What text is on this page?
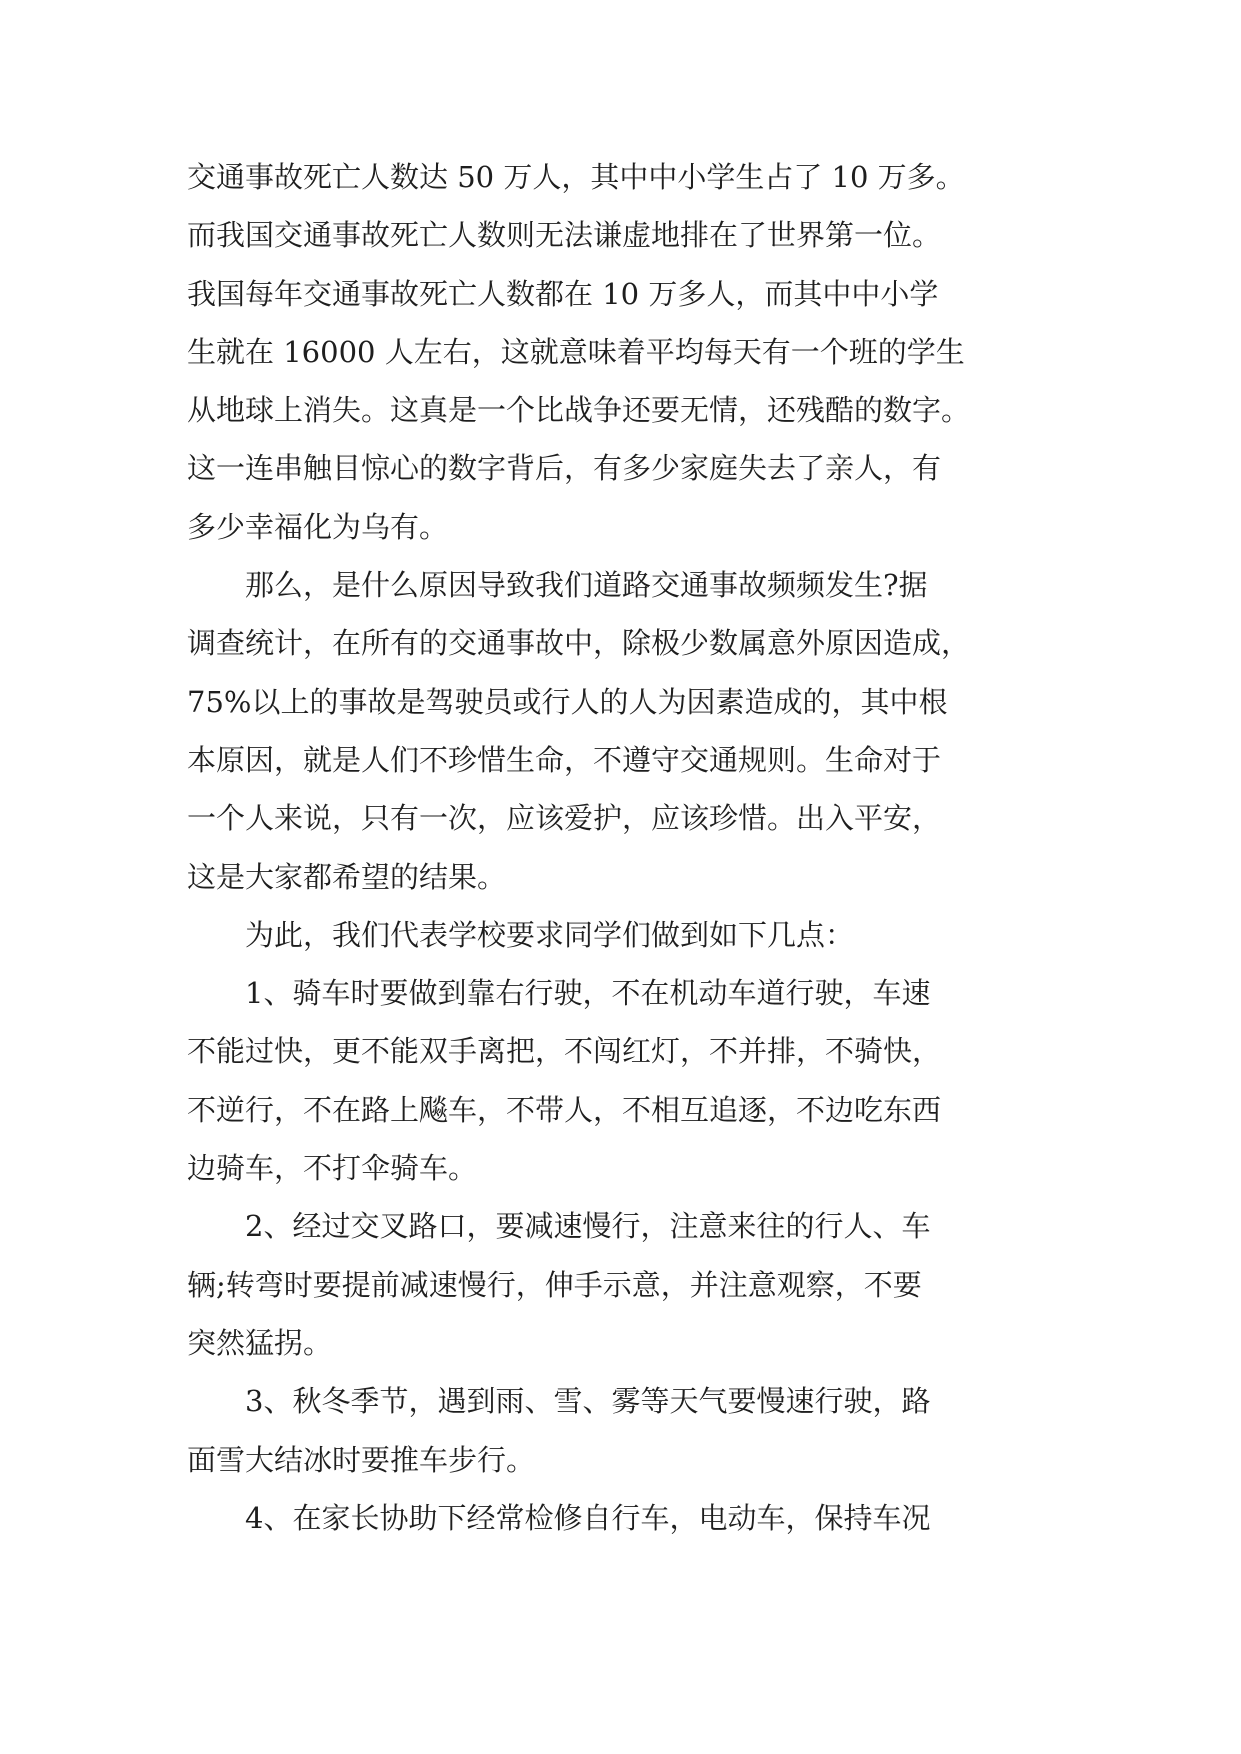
交通事故死亡人数达 50 万人，其中中小学生占了 10 万多。
而我国交通事故死亡人数则无法谦虚地排在了世界第一位。
我国每年交通事故死亡人数都在 10 万多人，而其中中小学
生就在 16000 人左右，这就意味着平均每天有一个班的学生
从地球上消失。这真是一个比战争还要无情，还残酷的数字。
这一连串触目惊心的数字背后，有多少家庭失去了亲人，有
多少幸福化为乌有。
那么，是什么原因导致我们道路交通事故频频发生?据
调查统计，在所有的交通事故中，除极少数属意外原因造成，
75%以上的事故是驾驶员或行人的人为因素造成的，其中根
本原因，就是人们不珍惜生命，不遵守交通规则。生命对于
一个人来说，只有一次，应该爱护，应该珍惜。出入平安，
这是大家都希望的结果。
为此，我们代表学校要求同学们做到如下几点：
1、骑车时要做到靠右行驶，不在机动车道行驶，车速
不能过快，更不能双手离把，不闯红灯，不并排，不骑快，
不逆行，不在路上飚车，不带人，不相互追逐，不边吃东西
边骑车，不打伞骑车。
2、经过交叉路口，要减速慢行，注意来往的行人、车
辆;转弯时要提前减速慢行，伸手示意，并注意观察，不要
突然猛拐。
3、秋冬季节，遇到雨、雪、雾等天气要慢速行驶，路
面雪大结冰时要推车步行。
4、在家长协助下经常检修自行车，电动车，保持车况
